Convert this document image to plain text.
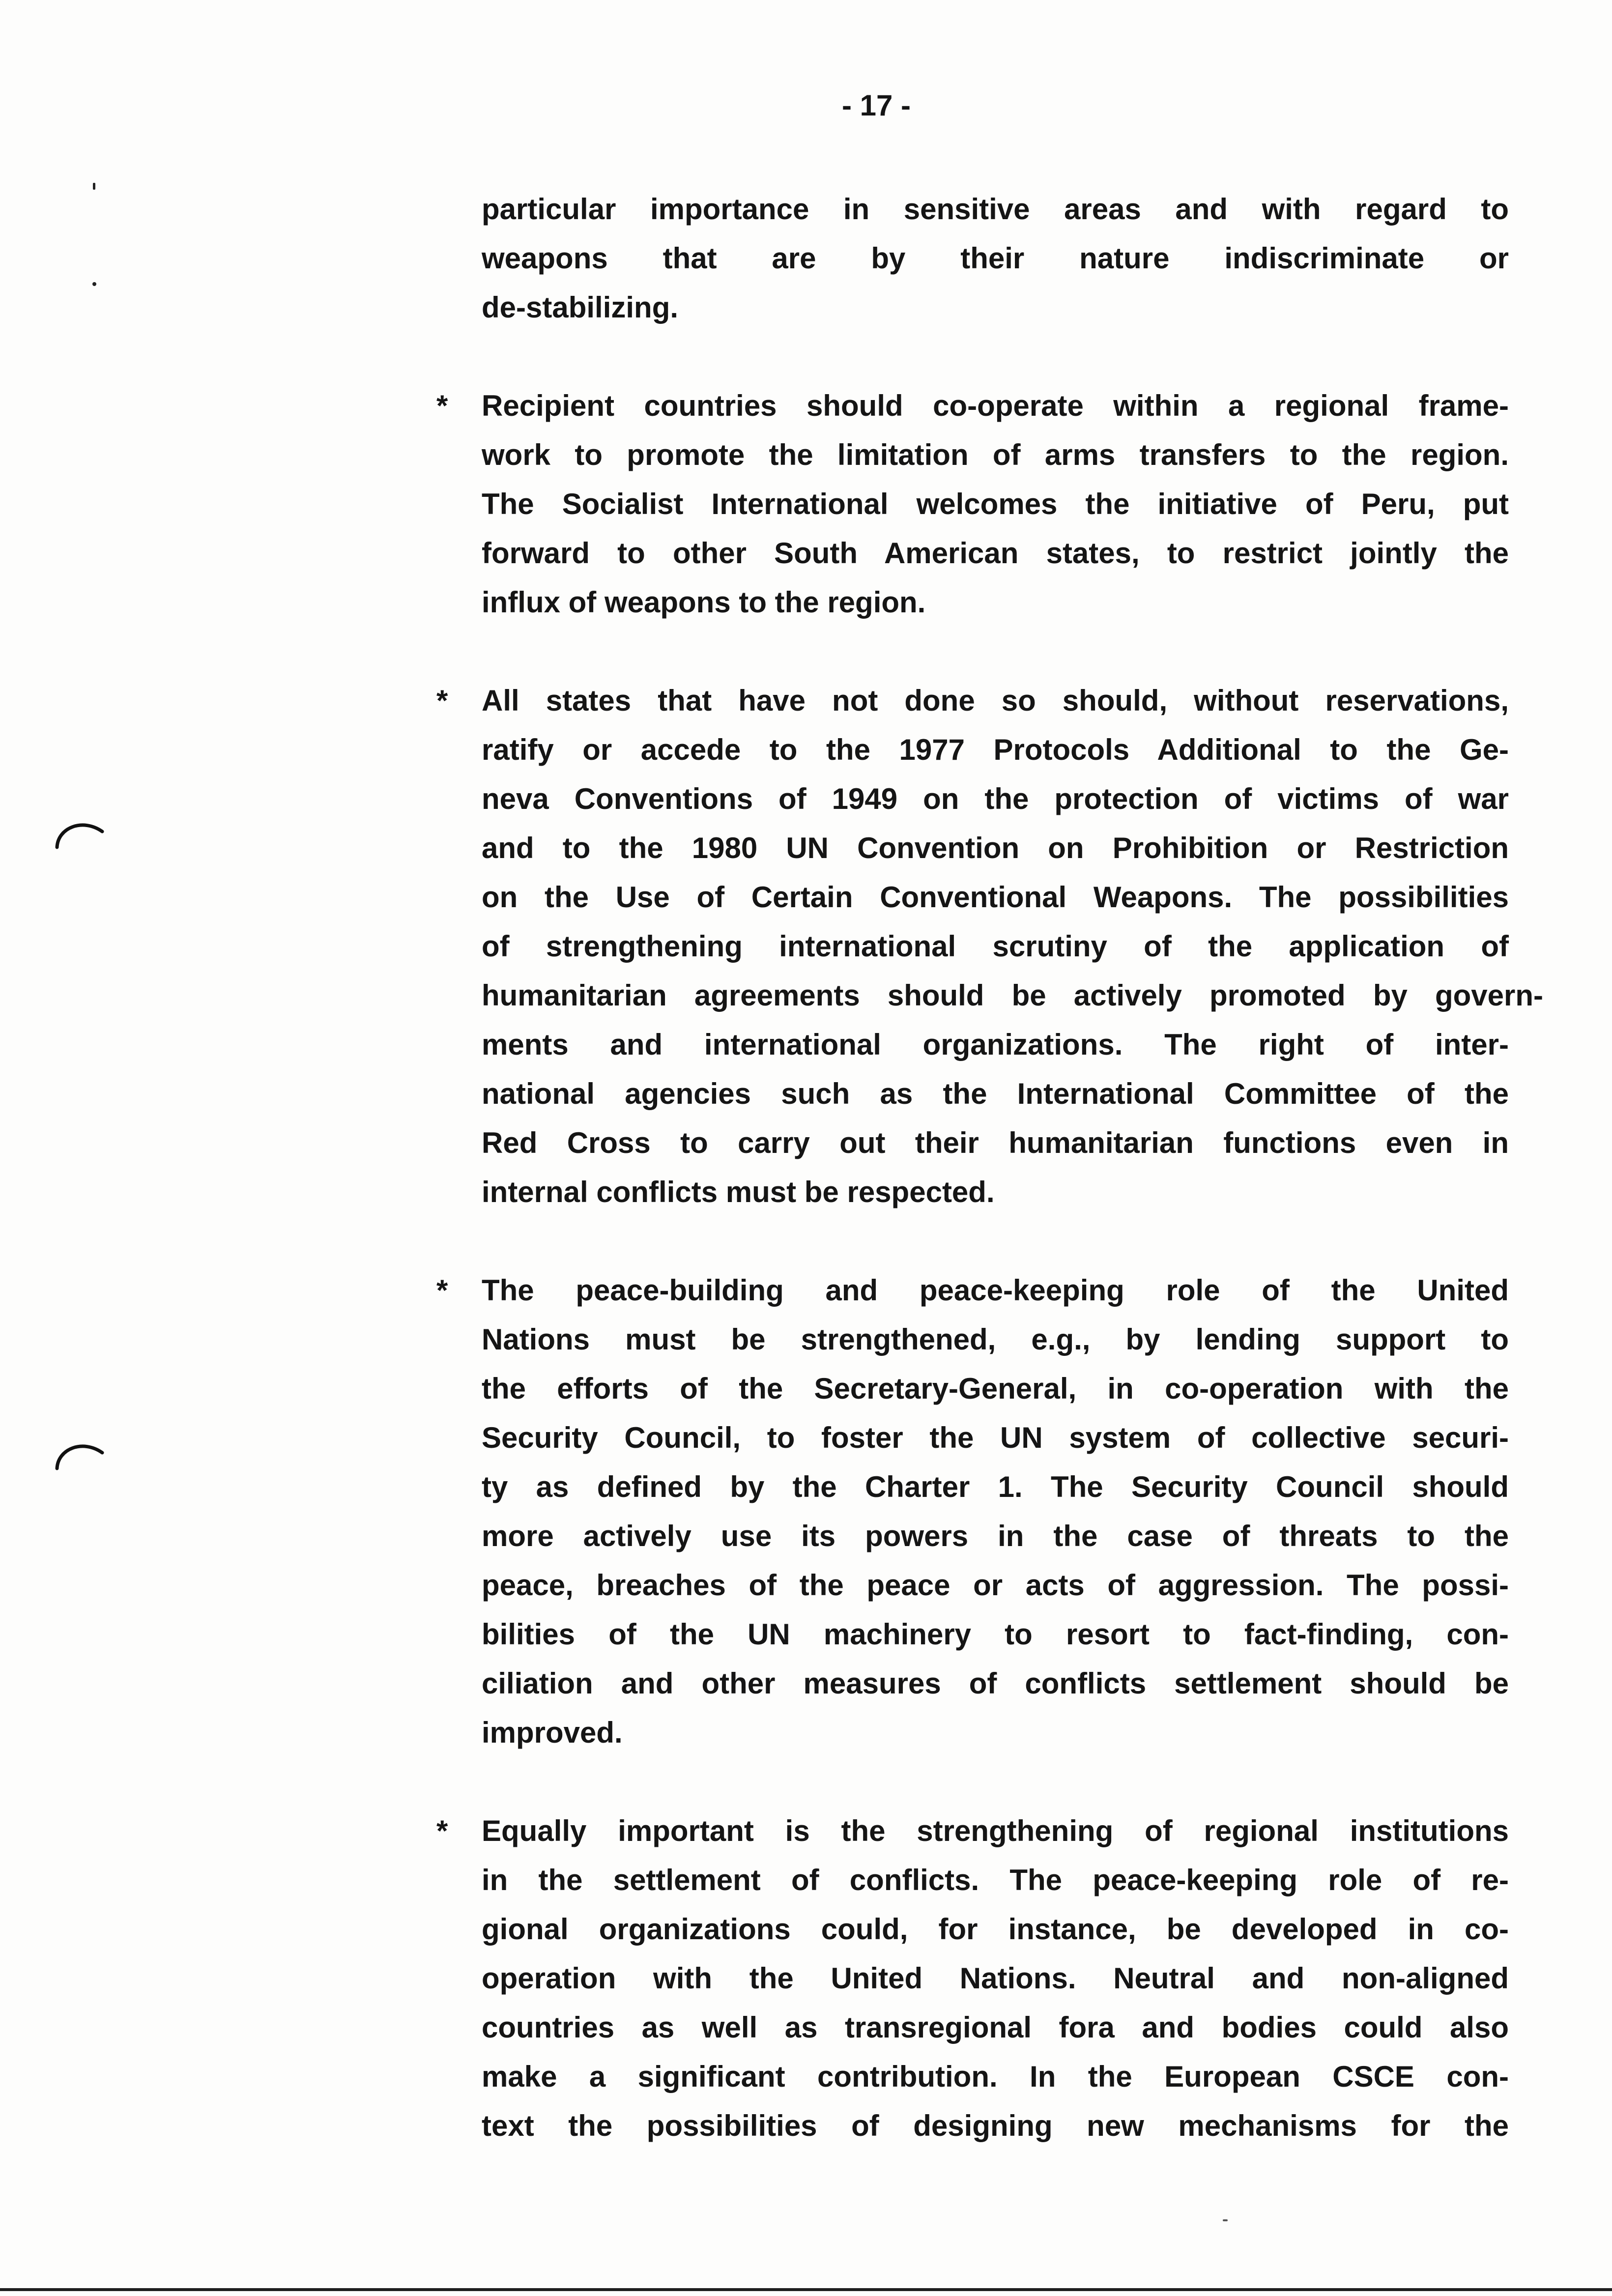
- 17 -
particular importance in sensitive areas and with regard to
weapons that are by their nature indiscriminate or
de-stabilizing.
*	Recipient countries should co-operate within a regional frame-
work to promote the limitation of arms transfers to the region.
The Socialist International welcomes the initiative of Peru, put
forward to other South American states, to restrict jointly the
influx of weapons to the region.
*	All states that have not done so should, without reservations,
ratify or accede to the 1977 Protocols Additional to the Ge-
neva Conventions of 1949 on the protection of victims of war
and to the 1980 UN Convention on Prohibition or Restriction
on the Use of Certain Conventional Weapons. The possibilities
of strengthening international scrutiny of the application of
humanitarian agreements should be actively promoted by govern-
ments and international organizations. The right of inter-
national agencies such as the International Committee of the
Red Cross to carry out their humanitarian functions even in
internal conflicts must be respected.
*	The peace-building and peace-keeping role of the United
Nations must be strengthened, e.g., by lending support to
the efforts of the Secretary-General, in co-operation with the
Security Council, to foster the UN system of collective securi-
ty as defined by the Charter 1. The Security Council should
more actively use its powers in the case of threats to the
peace, breaches of the peace or acts of aggression. The possi-
bilities of the UN machinery to resort to fact-finding, con-
ciliation and other measures of conflicts settlement should be
improved.
*	Equally important is the strengthening of regional institutions
in the settlement of conflicts. The peace-keeping role of re-
gional organizations could, for instance, be developed in co-
operation with the United Nations. Neutral and non-aligned
countries as well as transregional fora and bodies could also
make a significant contribution. In the European CSCE con-
text the possibilities of designing new mechanisms for the
